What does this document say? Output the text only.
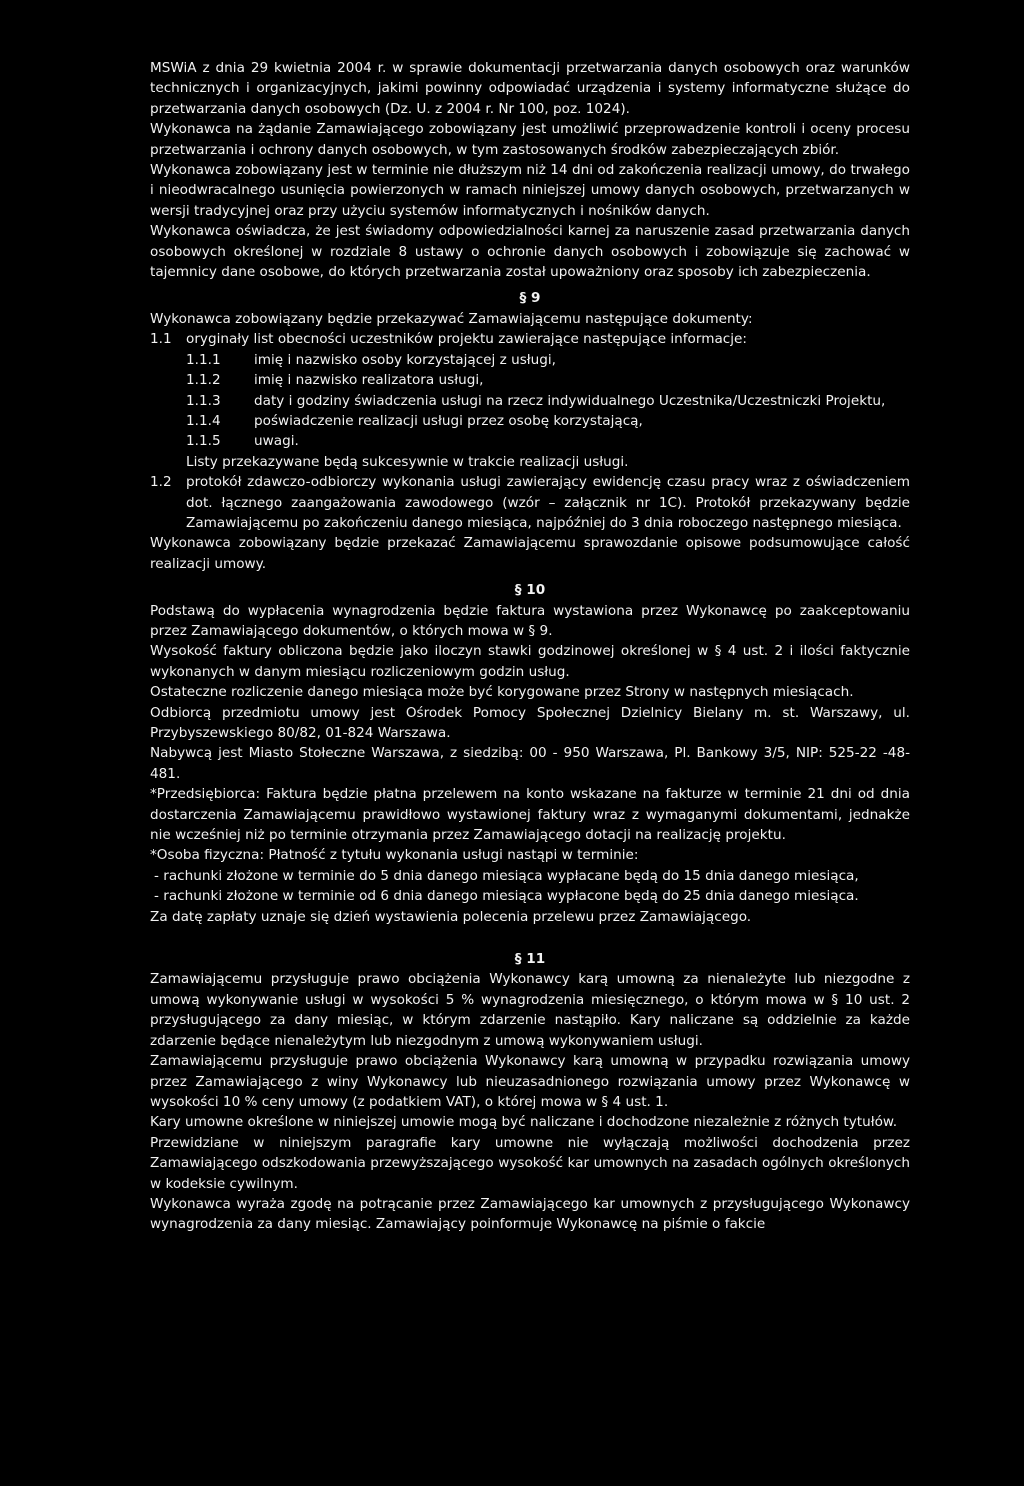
MSWiA z dnia 29 kwietnia 2004 r. w sprawie dokumentacji przetwarzania danych osobowych oraz warunków technicznych i organizacyjnych, jakimi powinny odpowiadać urządzenia i systemy informatyczne służące do przetwarzania danych osobowych (Dz. U. z 2004 r. Nr 100, poz. 1024).

Wykonawca na żądanie Zamawiającego zobowiązany jest umożliwić przeprowadzenie kontroli i oceny procesu przetwarzania i ochrony danych osobowych, w tym zastosowanych środków zabezpieczających zbiór.

Wykonawca zobowiązany jest w terminie nie dłuższym niż 14 dni od zakończenia realizacji umowy, do trwałego i nieodwracalnego usunięcia powierzonych w ramach niniejszej umowy danych osobowych, przetwarzanych w wersji tradycyjnej oraz przy użyciu systemów informatycznych i nośników danych.

Wykonawca oświadcza, że jest świadomy odpowiedzialności karnej za naruszenie zasad przetwarzania danych osobowych określonej w rozdziale 8 ustawy o ochronie danych osobowych i zobowiązuje się zachować w tajemnicy dane osobowe, do których przetwarzania został upoważniony oraz sposoby ich zabezpieczenia.

§ 9

Wykonawca zobowiązany będzie przekazywać Zamawiającemu następujące dokumenty:

1.1	oryginały list obecności uczestników projektu zawierające następujące informacje:
1.1.1	imię i nazwisko osoby korzystającej z usługi,
1.1.2	imię i nazwisko realizatora usługi,
1.1.3	daty i godziny świadczenia usługi na rzecz indywidualnego Uczestnika/Uczestniczki Projektu,
1.1.4	poświadczenie realizacji usługi przez osobę korzystającą,
1.1.5	uwagi.

Listy przekazywane będą sukcesywnie w trakcie realizacji usługi.

1.2	protokół zdawczo-odbiorczy wykonania usługi zawierający ewidencję czasu pracy wraz z oświadczeniem dot. łącznego zaangażowania zawodowego (wzór – załącznik nr 1C). Protokół przekazywany będzie Zamawiającemu po zakończeniu danego miesiąca, najpóźniej do 3 dnia roboczego następnego miesiąca.

Wykonawca zobowiązany będzie przekazać Zamawiającemu sprawozdanie opisowe podsumowujące całość realizacji umowy.

§ 10

Podstawą do wypłacenia wynagrodzenia będzie faktura wystawiona przez Wykonawcę po zaakceptowaniu przez Zamawiającego dokumentów, o których mowa w § 9.

Wysokość faktury obliczona będzie jako iloczyn stawki godzinowej określonej w § 4 ust. 2 i ilości faktycznie wykonanych w danym miesiącu rozliczeniowym godzin usług.

Ostateczne rozliczenie danego miesiąca może być korygowane przez Strony w następnych miesiącach.

Odbiorcą przedmiotu umowy jest Ośrodek Pomocy Społecznej Dzielnicy Bielany m. st. Warszawy, ul. Przybyszewskiego 80/82, 01-824 Warszawa.

Nabywcą jest Miasto Stołeczne Warszawa, z siedzibą: 00 - 950 Warszawa, Pl. Bankowy 3/5, NIP: 525-22 -48-481.

*Przedsiębiorca: Faktura będzie płatna przelewem na konto wskazane na fakturze w terminie 21 dni od dnia dostarczenia Zamawiającemu prawidłowo wystawionej faktury wraz z wymaganymi dokumentami, jednakże nie wcześniej niż po terminie otrzymania przez Zamawiającego dotacji na realizację projektu.

*Osoba fizyczna: Płatność z tytułu wykonania usługi nastąpi w terminie:

- rachunki złożone w terminie do 5 dnia danego miesiąca wypłacane będą do 15 dnia danego miesiąca,

- rachunki złożone w terminie od 6 dnia danego miesiąca wypłacone będą do 25 dnia danego miesiąca.

Za datę zapłaty uznaje się dzień wystawienia polecenia przelewu przez Zamawiającego.

§ 11

Zamawiającemu przysługuje prawo obciążenia Wykonawcy karą umowną za nienależyte lub niezgodne z umową wykonywanie usługi w wysokości 5 % wynagrodzenia miesięcznego, o którym mowa w § 10 ust. 2 przysługującego za dany miesiąc, w którym zdarzenie nastąpiło. Kary naliczane są oddzielnie za każde zdarzenie będące nienależytym lub niezgodnym z umową wykonywaniem usługi.

Zamawiającemu przysługuje prawo obciążenia Wykonawcy karą umowną w przypadku rozwiązania umowy przez Zamawiającego z winy Wykonawcy lub nieuzasadnionego rozwiązania umowy przez Wykonawcę w wysokości 10 % ceny umowy (z podatkiem VAT), o której mowa w § 4 ust. 1.

Kary umowne określone w niniejszej umowie mogą być naliczane i dochodzone niezależnie z różnych tytułów.

Przewidziane w niniejszym paragrafie kary umowne nie wyłączają możliwości dochodzenia przez Zamawiającego odszkodowania przewyższającego wysokość kar umownych na zasadach ogólnych określonych w kodeksie cywilnym.

Wykonawca wyraża zgodę na potrącanie przez Zamawiającego kar umownych z przysługującego Wykonawcy wynagrodzenia za dany miesiąc. Zamawiający poinformuje Wykonawcę na piśmie o fakcie
